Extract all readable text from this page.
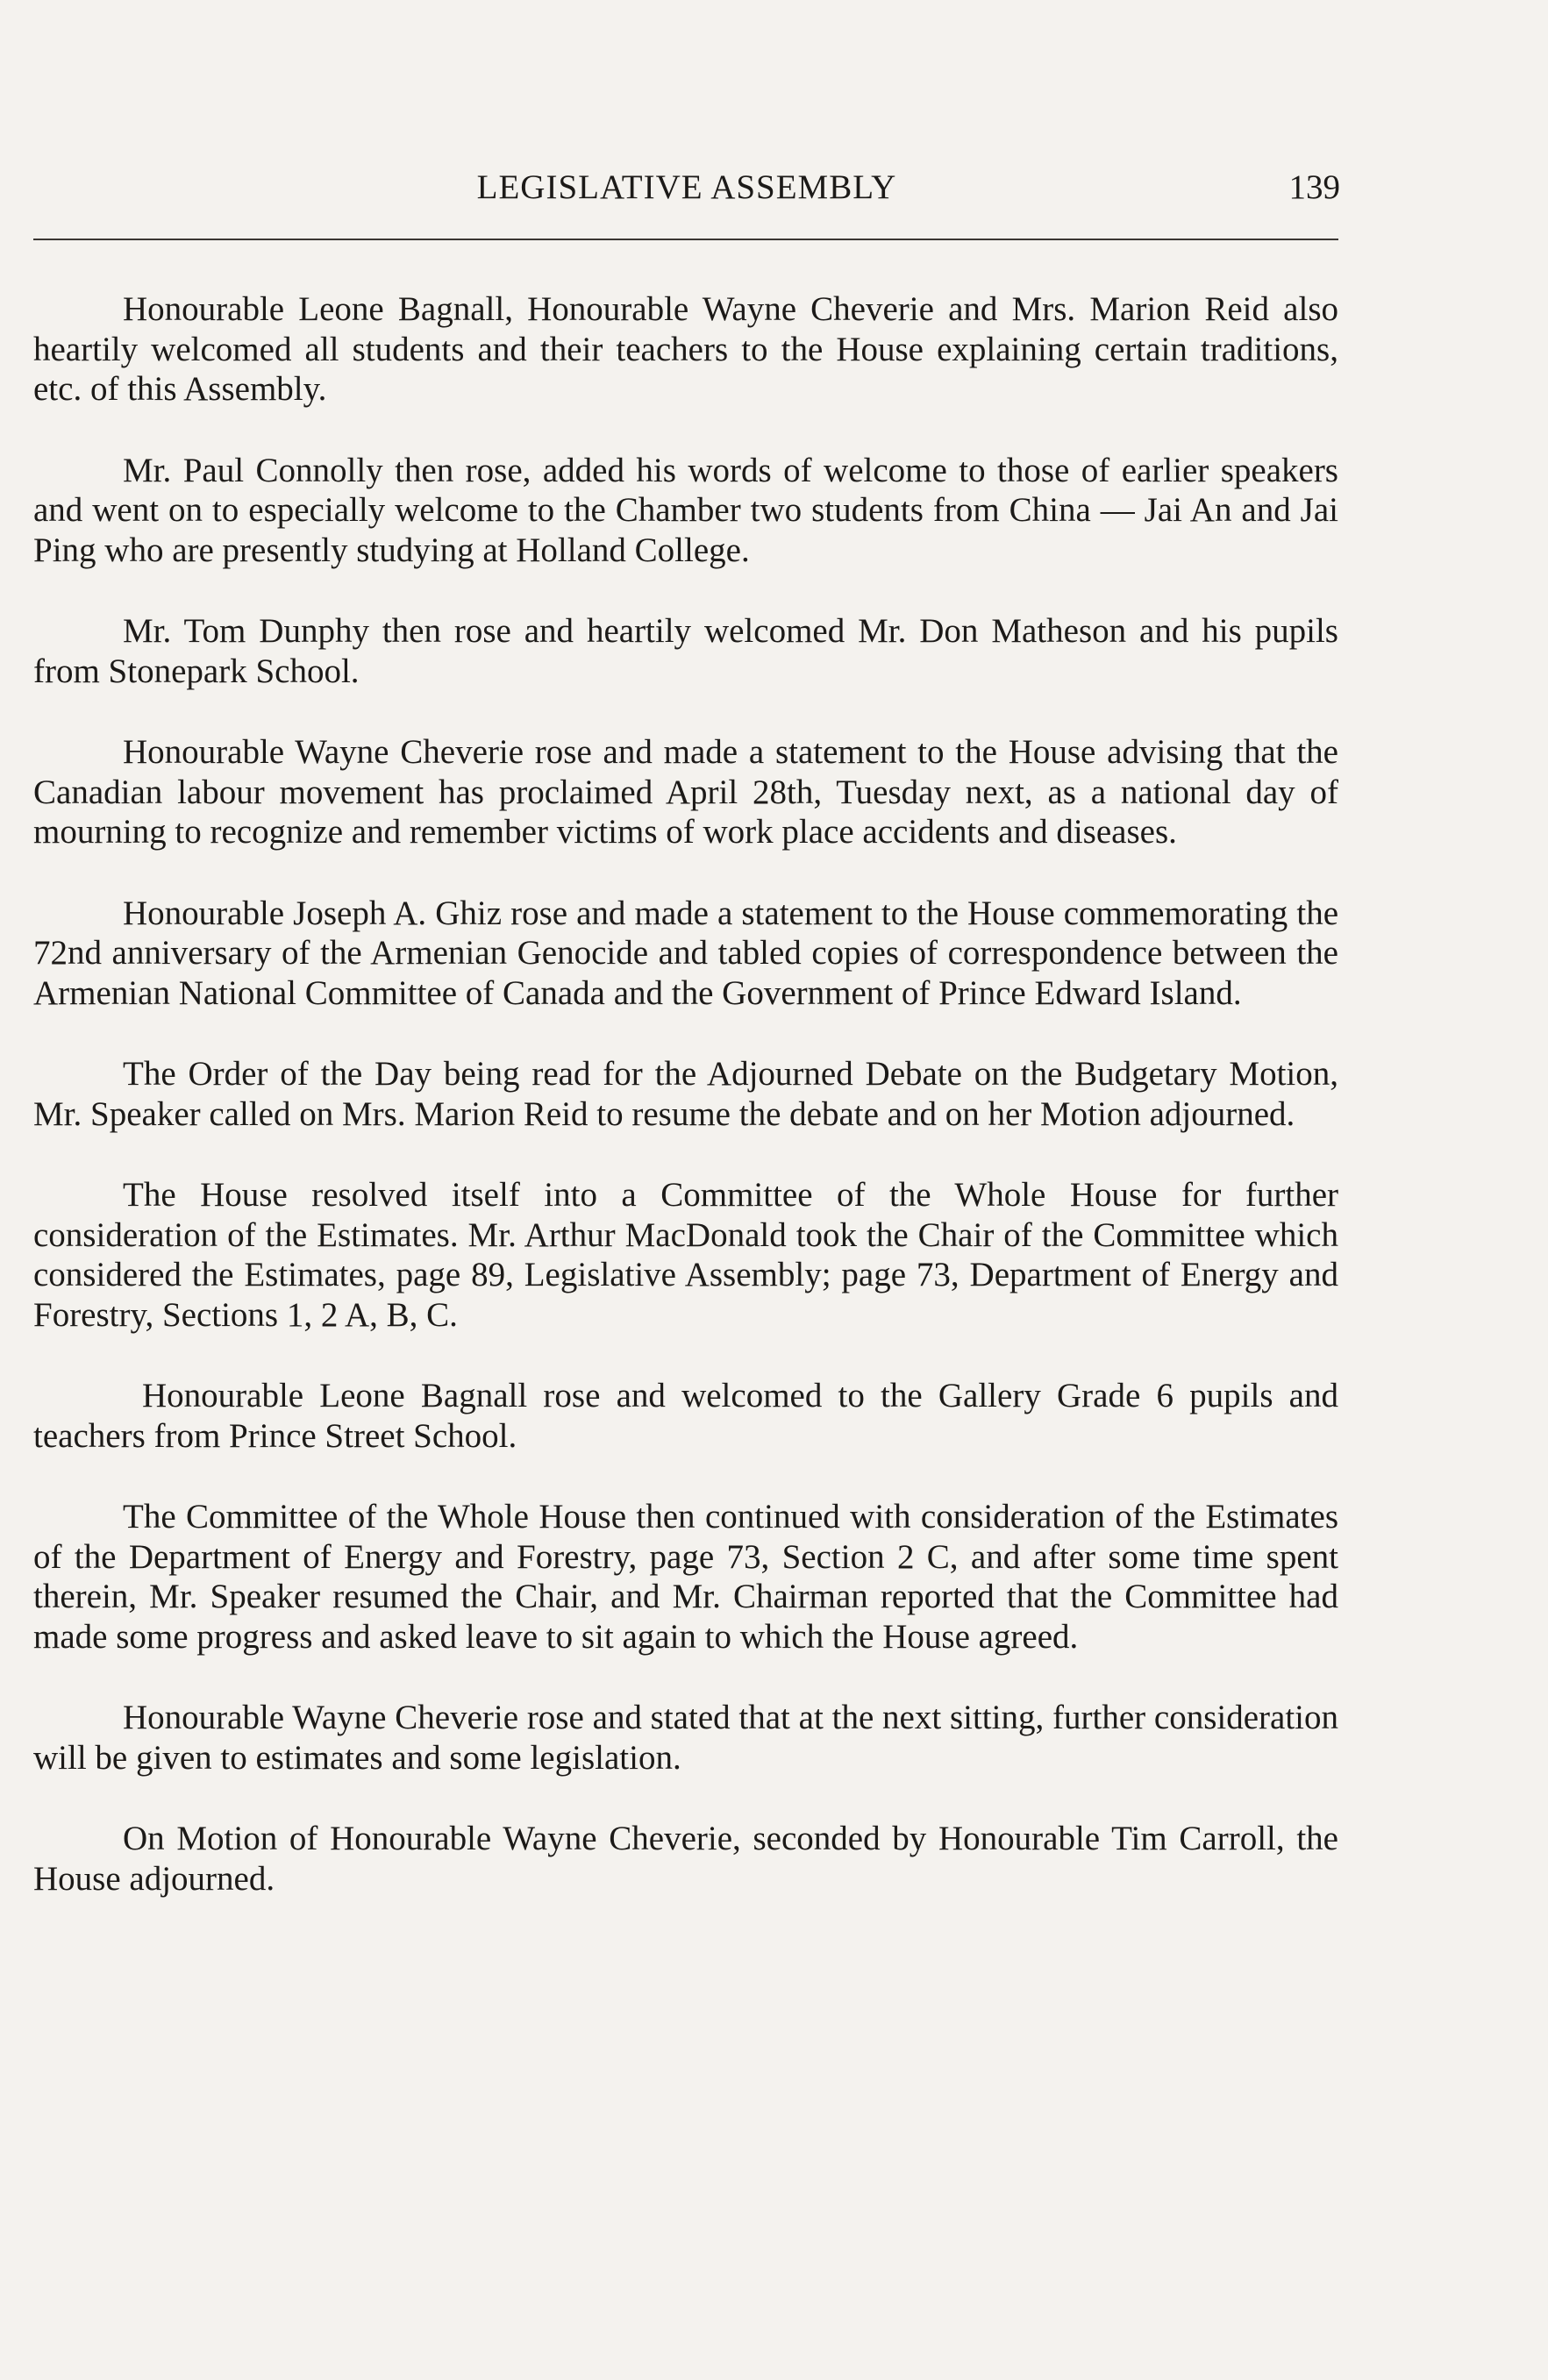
LEGISLATIVE ASSEMBLY	139

Honourable Leone Bagnall, Honourable Wayne Cheverie and Mrs. Marion Reid also heartily welcomed all students and their teachers to the House explaining certain traditions, etc. of this Assembly.

Mr. Paul Connolly then rose, added his words of welcome to those of earlier speakers and went on to especially welcome to the Chamber two students from China — Jai An and Jai Ping who are presently studying at Holland College.

Mr. Tom Dunphy then rose and heartily welcomed Mr. Don Matheson and his pupils from Stonepark School.

Honourable Wayne Cheverie rose and made a statement to the House advising that the Canadian labour movement has proclaimed April 28th, Tuesday next, as a national day of mourning to recognize and remember victims of work place accidents and diseases.

Honourable Joseph A. Ghiz rose and made a statement to the House commemorating the 72nd anniversary of the Armenian Genocide and tabled copies of correspondence between the Armenian National Committee of Canada and the Government of Prince Edward Island.

The Order of the Day being read for the Adjourned Debate on the Budgetary Motion, Mr. Speaker called on Mrs. Marion Reid to resume the debate and on her Motion adjourned.

The House resolved itself into a Committee of the Whole House for further consideration of the Estimates. Mr. Arthur MacDonald took the Chair of the Committee which considered the Estimates, page 89, Legislative Assembly; page 73, Department of Energy and Forestry, Sections 1, 2 A, B, C.

Honourable Leone Bagnall rose and welcomed to the Gallery Grade 6 pupils and teachers from Prince Street School.

The Committee of the Whole House then continued with consideration of the Estimates of the Department of Energy and Forestry, page 73, Section 2 C, and after some time spent therein, Mr. Speaker resumed the Chair, and Mr. Chairman reported that the Committee had made some progress and asked leave to sit again to which the House agreed.

Honourable Wayne Cheverie rose and stated that at the next sitting, further consideration will be given to estimates and some legislation.

On Motion of Honourable Wayne Cheverie, seconded by Honourable Tim Carroll, the House adjourned.
